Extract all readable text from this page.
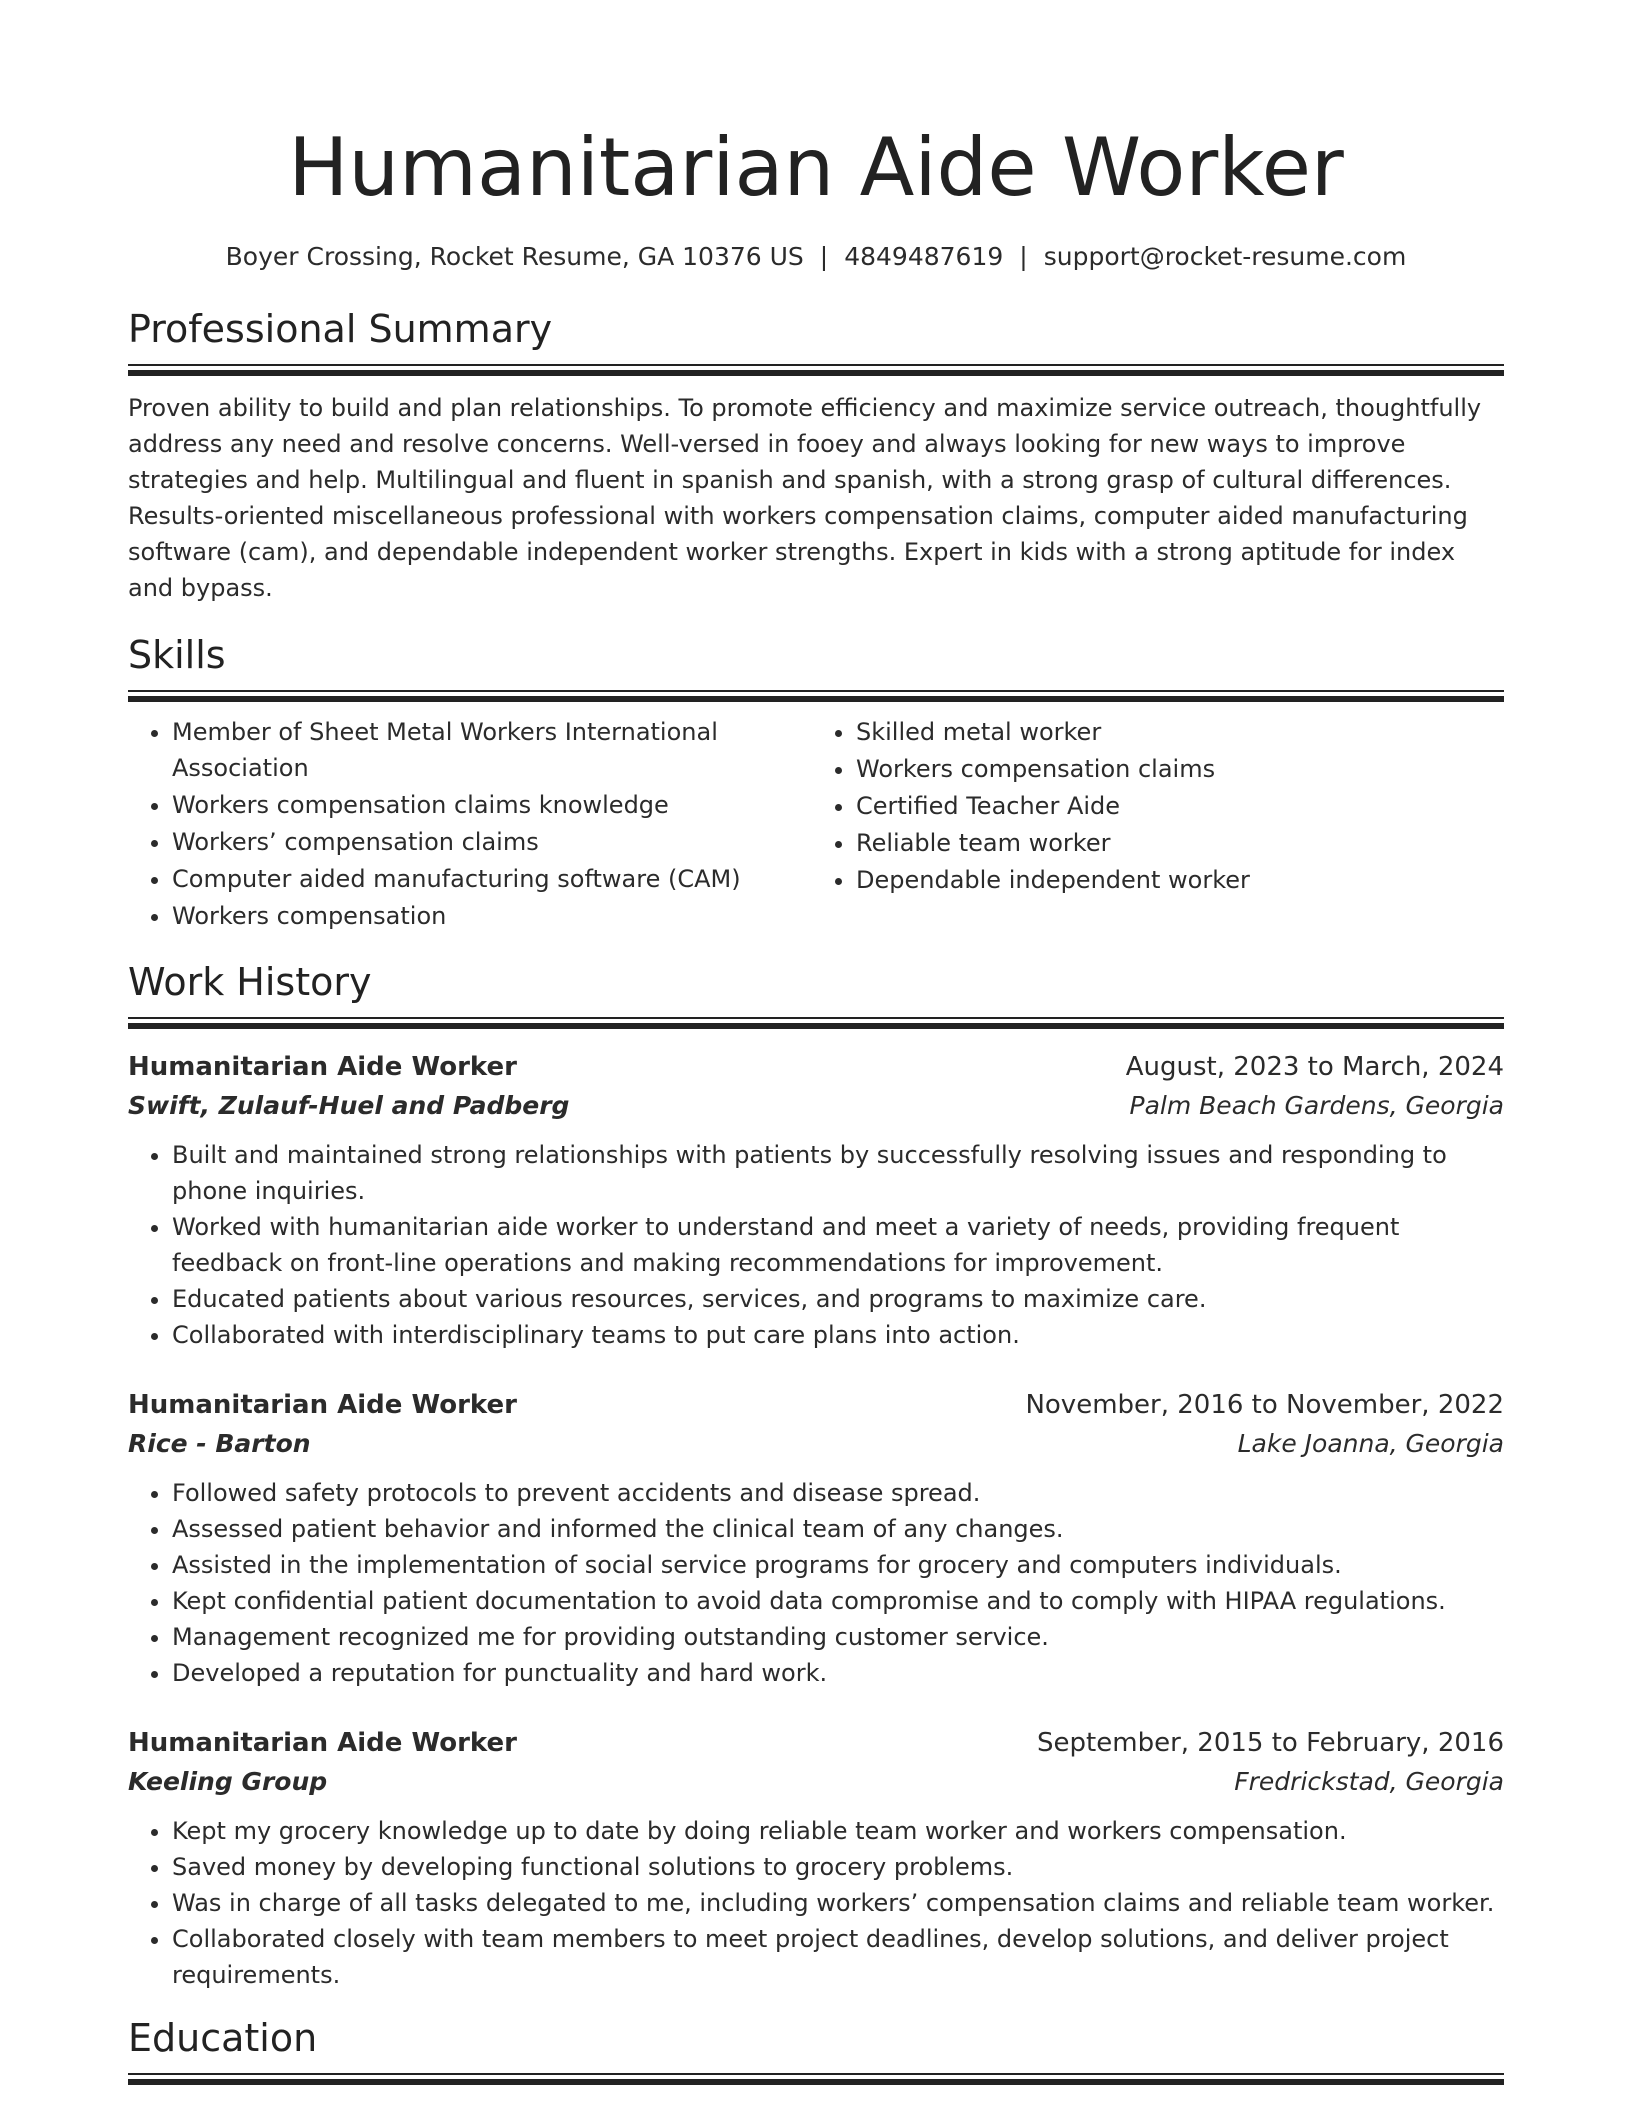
Humanitarian Aide Worker
Boyer Crossing, Rocket Resume, GA 10376 US | 4849487619 | support@rocket-resume.com
Professional Summary
Proven ability to build and plan relationships. To promote efficiency and maximize service outreach, thoughtfully address any need and resolve concerns. Well-versed in fooey and always looking for new ways to improve strategies and help. Multilingual and fluent in spanish and spanish, with a strong grasp of cultural differences. Results-oriented miscellaneous professional with workers compensation claims, computer aided manufacturing software (cam), and dependable independent worker strengths. Expert in kids with a strong aptitude for index and bypass.
Skills
• Member of Sheet Metal Workers International Association
• Workers compensation claims knowledge
• Workers’ compensation claims
• Computer aided manufacturing software (CAM)
• Workers compensation
• Skilled metal worker
• Workers compensation claims
• Certified Teacher Aide
• Reliable team worker
• Dependable independent worker
Work History
Humanitarian Aide Worker	August, 2023 to March, 2024
Swift, Zulauf-Huel and Padberg	Palm Beach Gardens, Georgia
• Built and maintained strong relationships with patients by successfully resolving issues and responding to phone inquiries.
• Worked with humanitarian aide worker to understand and meet a variety of needs, providing frequent feedback on front-line operations and making recommendations for improvement.
• Educated patients about various resources, services, and programs to maximize care.
• Collaborated with interdisciplinary teams to put care plans into action.
Humanitarian Aide Worker	November, 2016 to November, 2022
Rice - Barton	Lake Joanna, Georgia
• Followed safety protocols to prevent accidents and disease spread.
• Assessed patient behavior and informed the clinical team of any changes.
• Assisted in the implementation of social service programs for grocery and computers individuals.
• Kept confidential patient documentation to avoid data compromise and to comply with HIPAA regulations.
• Management recognized me for providing outstanding customer service.
• Developed a reputation for punctuality and hard work.
Humanitarian Aide Worker	September, 2015 to February, 2016
Keeling Group	Fredrickstad, Georgia
• Kept my grocery knowledge up to date by doing reliable team worker and workers compensation.
• Saved money by developing functional solutions to grocery problems.
• Was in charge of all tasks delegated to me, including workers’ compensation claims and reliable team worker.
• Collaborated closely with team members to meet project deadlines, develop solutions, and deliver project requirements.
Education
